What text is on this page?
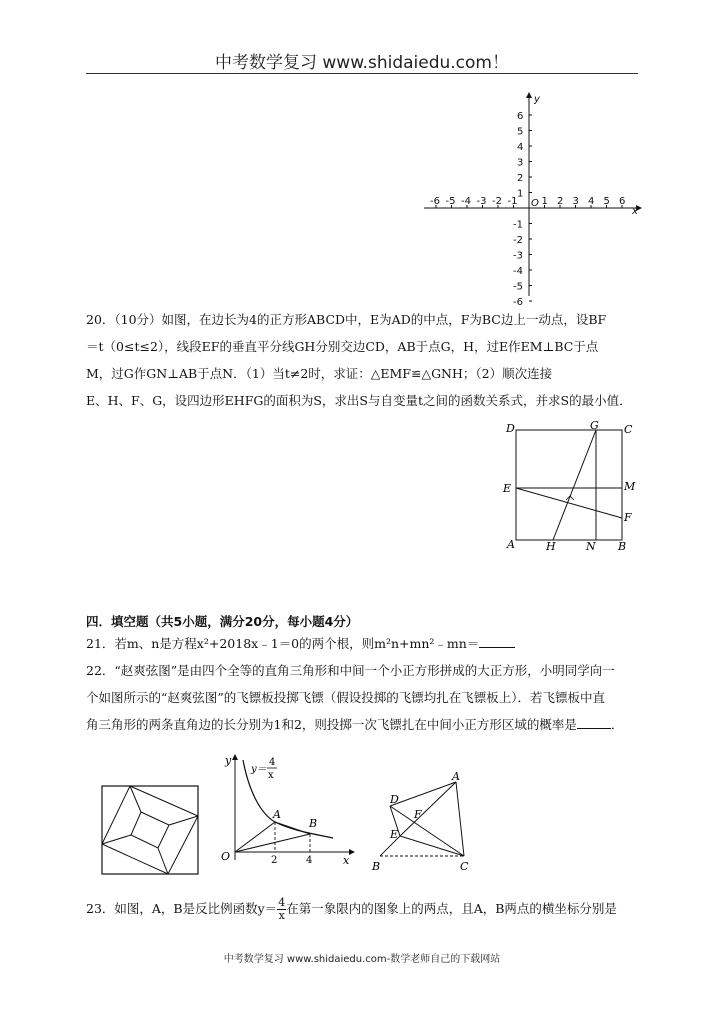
中考数学复习 www.shidaiedu.com！
-6 -5 -4 -3 -2 -1 O 1 2 3 4 5 6
6
5
4
3
2
1
-1
-2
-3
-4
-5
-6
x
y
20．（10分）如图，在边长为4的正方形ABCD中，E为AD的中点，F为BC边上一动点，设BF
＝t（0≤t≤2），线段EF的垂直平分线GH分别交边CD，AB于点G，H，过E作EM⊥BC于点
M，过G作GN⊥AB于点N．（1）当t≠2时，求证：△EMF≌△GNH；（2）顺次连接
E、H、F、G，设四边形EHFG的面积为S，求出S与自变量t之间的函数关系式，并求S的最小值．
D	G C
E	M
F
A	H	N B
四．填空题（共5小题，满分20分，每小题4分）
21．若m、n是方程x²+2018x﹣1＝0的两个根，则m²n+mn²﹣mn＝
22．“赵爽弦图”是由四个全等的直角三角形和中间一个小正方形拼成的大正方形，小明同学向一
个如图所示的“赵爽弦图”的飞镖板投掷飞镖（假设投掷的飞镖均扎在飞镖板上）．若飞镖板中直
角三角形的两条直角边的长分别为1和2，则投掷一次飞镖扎在中间小正方形区域的概率是	．
y
y＝
4
x
A
B
O	2	4	x
A
D
F
E
B	C
23．如图，A，B是反比例函数$y= \frac{4}{x}$ 在第一象限内的图象上的两点，且A，B两点的横坐标分别是
中考数学复习 www.shidaiedu.com-数学老师自己的下载网站
